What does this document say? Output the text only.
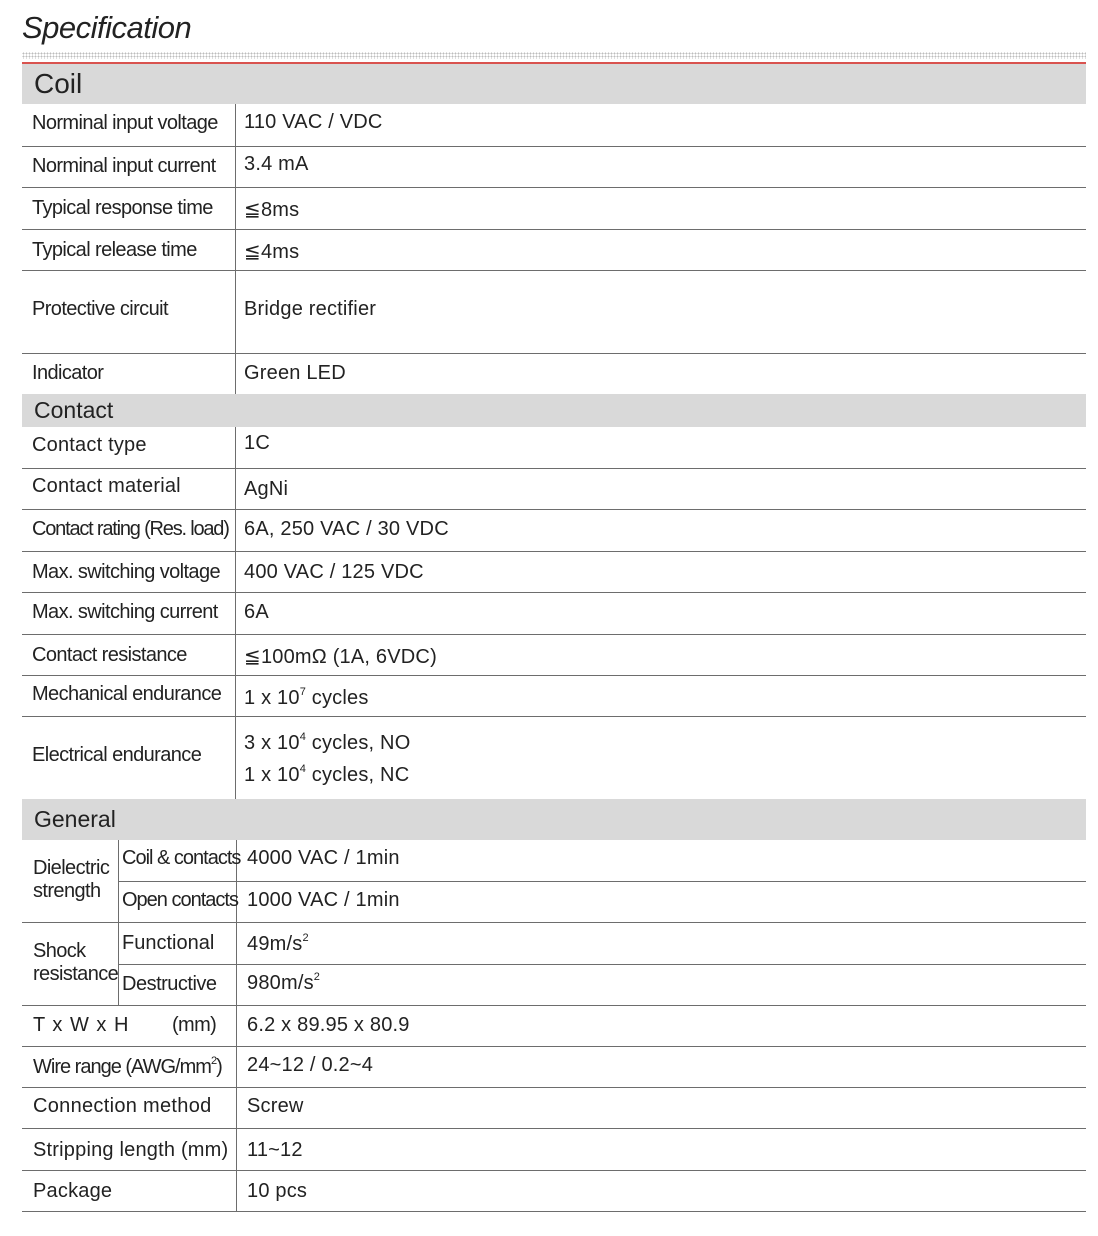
Specification
Coil
Norminal input voltage 110 VAC / VDC
Norminal input current 3.4 mA
Typical response time ≦8ms
Typical release time ≦4ms
Protective circuit	Bridge rectifier
Indicator	Green LED
Contact
Contact type	1C
Contact material	AgNi
Contact rating (Res. load) 6A, 250 VAC / 30 VDC
Max. switching voltage 400 VAC / 125 VDC
Max. switching current 6A
Contact resistance	≦100mΩ (1A, 6VDC)
Mechanical endurance 1 x $10^7$ cycles
Electrical endurance
3 x $10^4$ cycles, NO
1 x $10^4$ cycles, NC
General
Dielectric
strength
Coil & contacts 4000 VAC / 1min
Open contacts 1000 VAC / 1min
Shock
resistance
Functional $49m/s^2$
Destructive $980m/s^2$
T x W x H (mm) 6.2 x 89.95 x 80.9
Wire range $(AWG/mm^2)$ 24~12 / 0.2~4
Connection method Screw
Stripping length (mm) 11~12
Package	10 pcs
